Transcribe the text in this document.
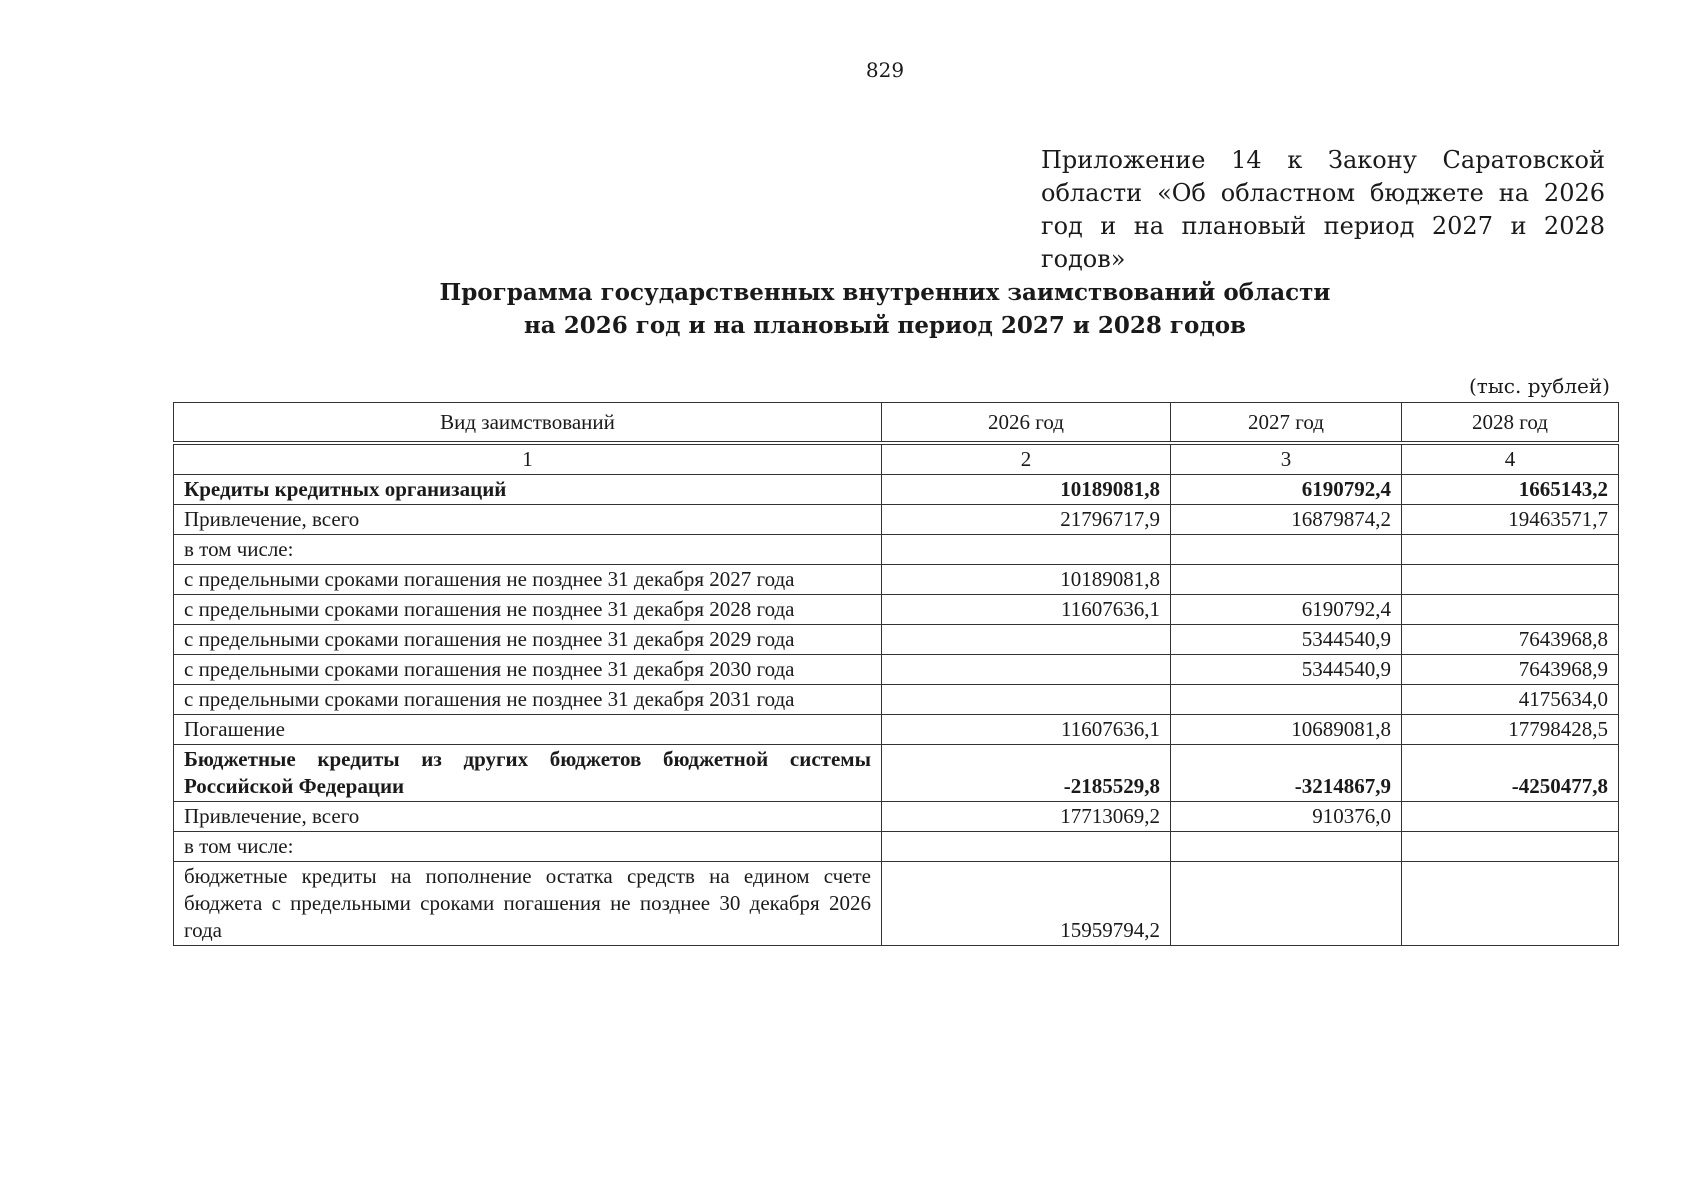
829
Приложение 14 к Закону Саратовской области «Об областном бюджете на 2026 год и на плановый период 2027 и 2028 годов»
Программа государственных внутренних заимствований области
на 2026 год и на плановый период 2027 и 2028 годов
(тыс. рублей)
Вид заимствований	2026 год	2027 год	2028 год
1	2	3	4
Кредиты кредитных организаций	10189081,8	6190792,4	1665143,2
Привлечение, всего	21796717,9	16879874,2	19463571,7
в том числе:			
с предельными сроками погашения не позднее 31 декабря 2027 года	10189081,8		
с предельными сроками погашения не позднее 31 декабря 2028 года	11607636,1	6190792,4	
с предельными сроками погашения не позднее 31 декабря 2029 года		5344540,9	7643968,8
с предельными сроками погашения не позднее 31 декабря 2030 года		5344540,9	7643968,9
с предельными сроками погашения не позднее 31 декабря 2031 года			4175634,0
Погашение	11607636,1	10689081,8	17798428,5
Бюджетные кредиты из других бюджетов бюджетной системы Российской Федерации	-2185529,8	-3214867,9	-4250477,8
Привлечение, всего	17713069,2	910376,0	
в том числе:			
бюджетные кредиты на пополнение остатка средств на едином счете бюджета с предельными сроками погашения не позднее 30 декабря 2026 года	15959794,2		
